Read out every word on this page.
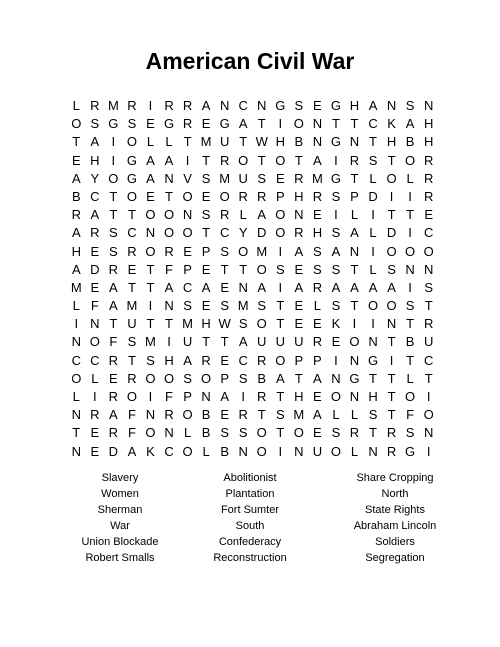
American Civil War
L R M R I R R A N C N G S E G H A N S N
O S G S E G R E G A T I O N T T C K A H
T A I O L L T M U T W H B N G N T H B H
E H I G A A I T R O T O T A I R S T O R
A Y O G A N V S M U S E R M G T L O L R
B C T O E T O E O R R P H R S P D I	I R
R A T T O O N S R L A O N E I	L	I T T E
A R S C N O O T C Y D O R H S A L D I C
H E S R O R E P S O M I A S A N I O O O
A D R E T F P E T T O S E S S T L S N N
M E A T T A C A E N A I A R A A A A I S
L F A M I N S E S M S T E L S T O O S T
I N T U T T M H W S O T E E K I	I N T R
N O F S M I U T T A U U U R E O N T B U
C C R T S H A R E C R O P P I N G I T C
O L E R O O S O P S B A T A N G T T L T
L	I R O I F P N A I R T H E O N H T O I
N R A F N R O B E R T S M A L L S T F O
T E R F O N L B S S O T O E S R T R S N
N E D A K C O L B N O I N U O L N R G I
Slavery
Women
Sherman
War
Union Blockade
Robert Smalls
Abolitionist
Plantation
Fort Sumter
South
Confederacy
Reconstruction
Share Cropping
North
State Rights
Abraham Lincoln
Soldiers
Segregation
